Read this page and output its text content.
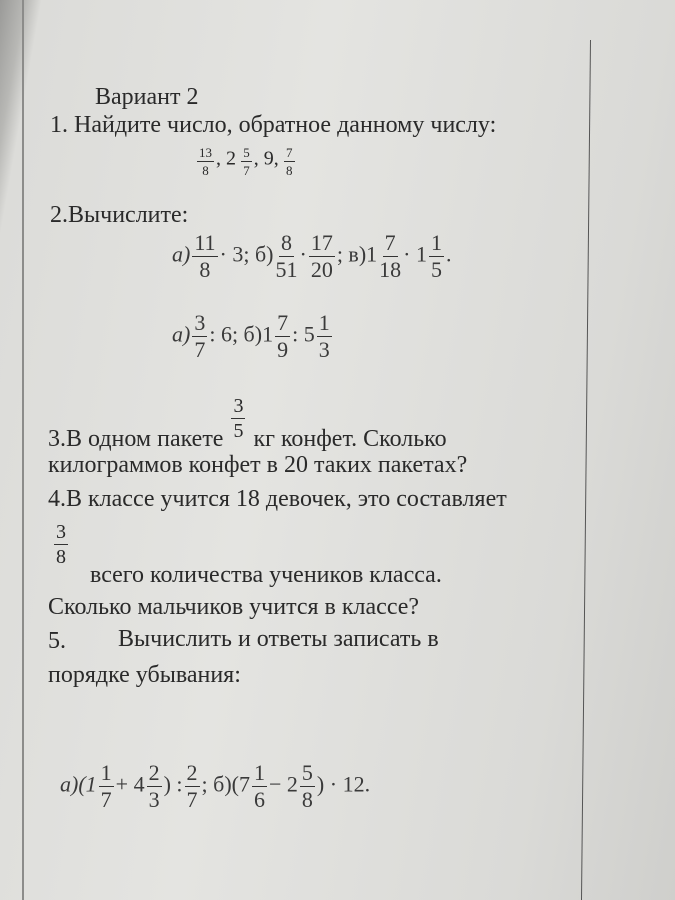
Вариант 2
1. Найдите число, обратное данному числу:
$\frac{13}{8}$ , $2 \frac{5}{7}$ , 9, $\frac{7}{8}$
2.Вычислите:
$а) \frac{11}{8} \cdot 3$; $б) \frac{8}{51} \cdot \frac{17}{20}$ ; $в)1 \frac{7}{18} \cdot 1 \frac{1}{5}$ .
$а) \frac{3}{7}$ : 6; $б)1 \frac{7}{9}$ : $5 \frac{1}{3}$
3.В одном пакете $\frac{3}{5}$ кг конфет. Сколько
килограммов конфет в 20 таких пакетах?
4.В классе учится 18 девочек, это составляет
$\frac{3}{8}$
всего количества учеников класса.
Сколько мальчиков учится в классе?
5. Вычислить и ответы записать в
порядке убывания:
$а)(1 \frac{1}{7} + 4 \frac{2}{3}$ ) : $\frac{2}{7}$ ; $б)(7 \frac{1}{6} - 2 \frac{5}{8}$ ) · 12.
